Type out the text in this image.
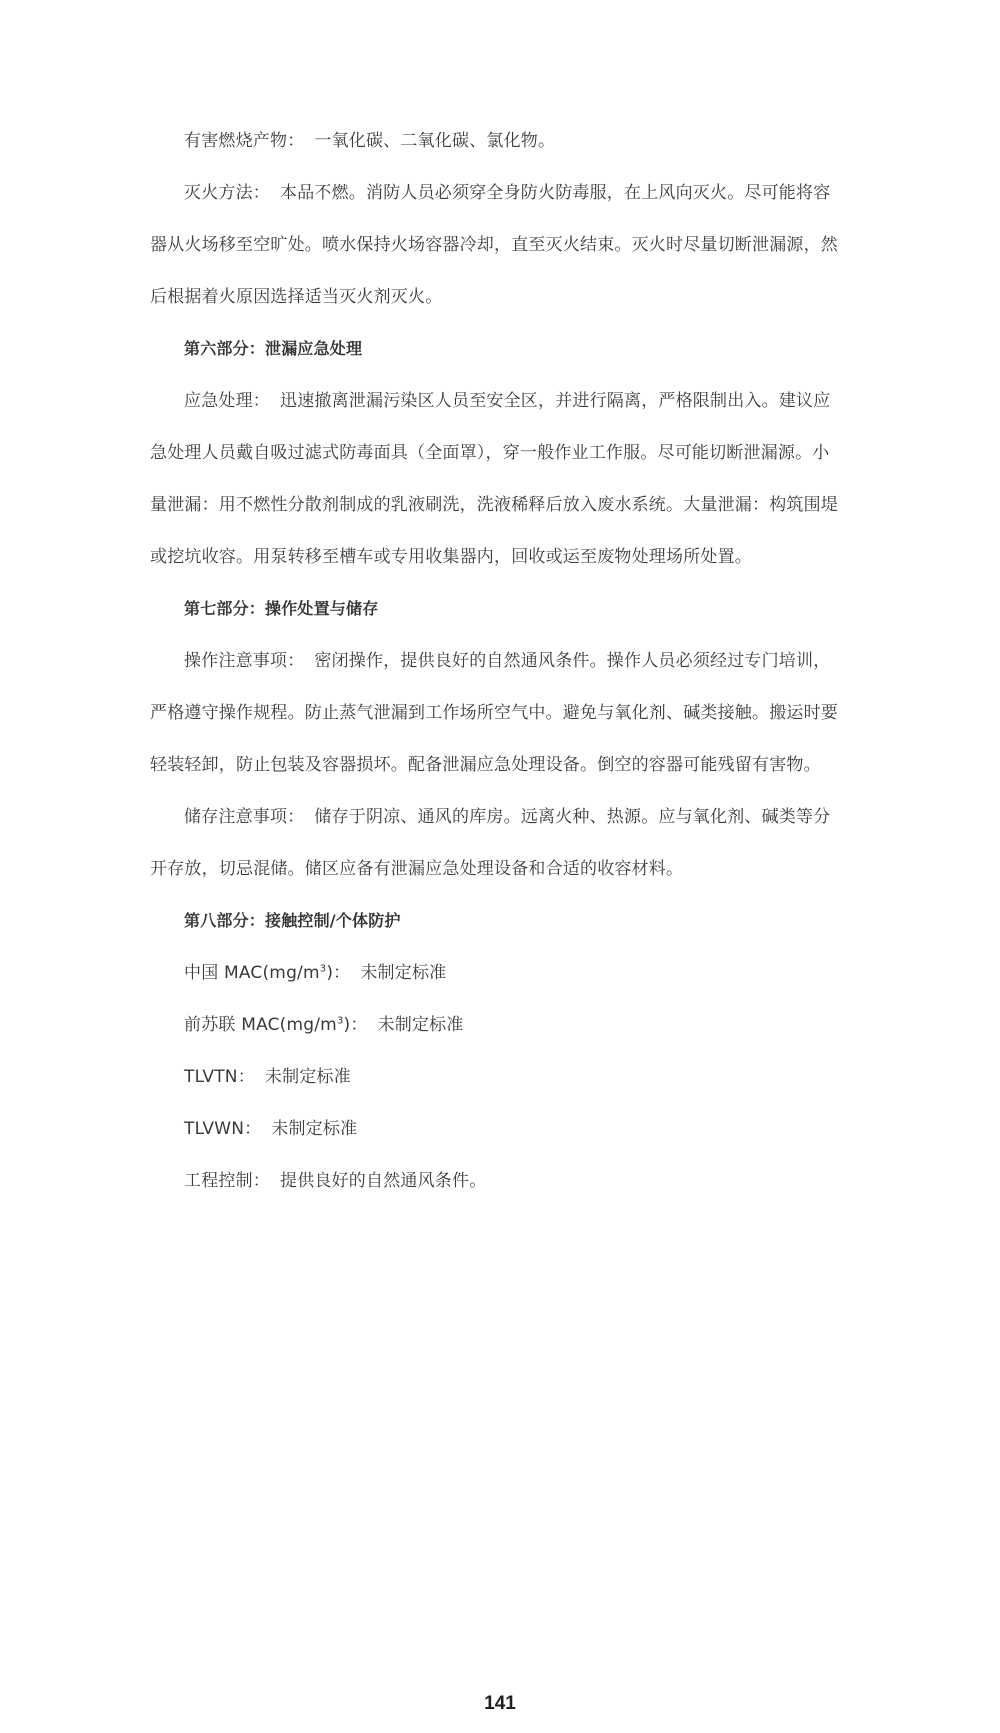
有害燃烧产物： 一氧化碳、二氧化碳、氯化物。
灭火方法： 本品不燃。消防人员必须穿全身防火防毒服，在上风向灭火。尽可能将容
器从火场移至空旷处。喷水保持火场容器冷却，直至灭火结束。灭火时尽量切断泄漏源，然
后根据着火原因选择适当灭火剂灭火。
第六部分：泄漏应急处理
应急处理： 迅速撤离泄漏污染区人员至安全区，并进行隔离，严格限制出入。建议应
急处理人员戴自吸过滤式防毒面具（全面罩），穿一般作业工作服。尽可能切断泄漏源。小
量泄漏：用不燃性分散剂制成的乳液刷洗，洗液稀释后放入废水系统。大量泄漏：构筑围堤
或挖坑收容。用泵转移至槽车或专用收集器内，回收或运至废物处理场所处置。
第七部分：操作处置与储存
操作注意事项： 密闭操作，提供良好的自然通风条件。操作人员必须经过专门培训，
严格遵守操作规程。防止蒸气泄漏到工作场所空气中。避免与氧化剂、碱类接触。搬运时要
轻装轻卸，防止包装及容器损坏。配备泄漏应急处理设备。倒空的容器可能残留有害物。
储存注意事项： 储存于阴凉、通风的库房。远离火种、热源。应与氧化剂、碱类等分
开存放，切忌混储。储区应备有泄漏应急处理设备和合适的收容材料。
第八部分：接触控制/个体防护
中国 $MAC(mg/m^3)$： 未制定标准
前苏联 $MAC(mg/m^3)$： 未制定标准
TLVTN： 未制定标准
TLVWN： 未制定标准
工程控制： 提供良好的自然通风条件。
141
